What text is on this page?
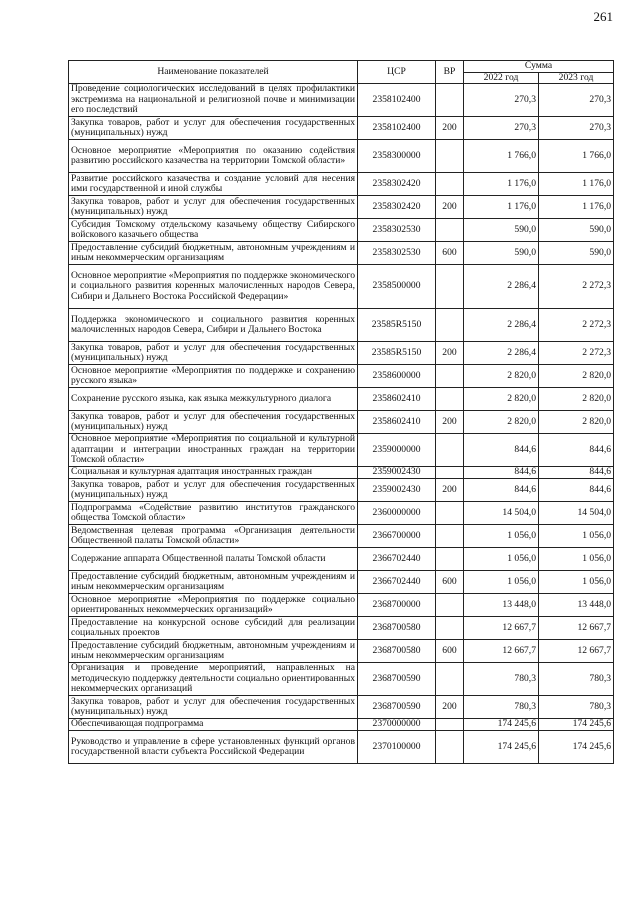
261
Наименование показателей	ЦСР	ВР	Сумма	
			2022 год	2023 год
Проведение социологических исследований в целях профилактики экстремизма на национальной и религиозной почве и минимизации его последствий	2358102400		270,3	270,3
Закупка товаров, работ и услуг для обеспечения государственных (муниципальных) нужд	2358102400	200	270,3	270,3
Основное мероприятие «Мероприятия по оказанию содействия развитию российского казачества на территории Томской области»	2358300000		1 766,0	1 766,0
Развитие российского казачества и создание условий для несения ими государственной и иной службы	2358302420		1 176,0	1 176,0
Закупка товаров, работ и услуг для обеспечения государственных (муниципальных) нужд	2358302420	200	1 176,0	1 176,0
Субсидия Томскому отдельскому казачьему обществу Сибирского войскового казачьего общества	2358302530		590,0	590,0
Предоставление субсидий бюджетным, автономным учреждениям и иным некоммерческим организациям	2358302530	600	590,0	590,0
Основное мероприятие «Мероприятия по поддержке экономического и социального развития коренных малочисленных народов Севера, Сибири и Дальнего Востока Российской Федерации»	2358500000		2 286,4	2 272,3
Поддержка экономического и социального развития коренных малочисленных народов Севера, Сибири и Дальнего Востока	23585R5150		2 286,4	2 272,3
Закупка товаров, работ и услуг для обеспечения государственных (муниципальных) нужд	23585R5150	200	2 286,4	2 272,3
Основное мероприятие «Мероприятия по поддержке и сохранению русского языка»	2358600000		2 820,0	2 820,0
Сохранение русского языка, как языка межкультурного диалога	2358602410		2 820,0	2 820,0
Закупка товаров, работ и услуг для обеспечения государственных (муниципальных) нужд	2358602410	200	2 820,0	2 820,0
Основное мероприятие «Мероприятия по социальной и культурной адаптации и интеграции иностранных граждан на территории Томской области»	2359000000		844,6	844,6
Социальная и культурная адаптация иностранных граждан	2359002430		844,6	844,6
Закупка товаров, работ и услуг для обеспечения государственных (муниципальных) нужд	2359002430	200	844,6	844,6
Подпрограмма «Содействие развитию институтов гражданского общества Томской области»	2360000000		14 504,0	14 504,0
Ведомственная целевая программа «Организация деятельности Общественной палаты Томской области»	2366700000		1 056,0	1 056,0
Содержание аппарата Общественной палаты Томской области	2366702440		1 056,0	1 056,0
Предоставление субсидий бюджетным, автономным учреждениям и иным некоммерческим организациям	2366702440	600	1 056,0	1 056,0
Основное мероприятие «Мероприятия по поддержке социально ориентированных некоммерческих организаций»	2368700000		13 448,0	13 448,0
Предоставление на конкурсной основе субсидий для реализации социальных проектов	2368700580		12 667,7	12 667,7
Предоставление субсидий бюджетным, автономным учреждениям и иным некоммерческим организациям	2368700580	600	12 667,7	12 667,7
Организация и проведение мероприятий, направленных на методическую поддержку деятельности социально ориентированных некоммерческих организаций	2368700590		780,3	780,3
Закупка товаров, работ и услуг для обеспечения государственных (муниципальных) нужд	2368700590	200	780,3	780,3
Обеспечивающая подпрограмма	2370000000		174 245,6	174 245,6
Руководство и управление в сфере установленных функций органов государственной власти субъекта Российской Федерации	2370100000		174 245,6	174 245,6
